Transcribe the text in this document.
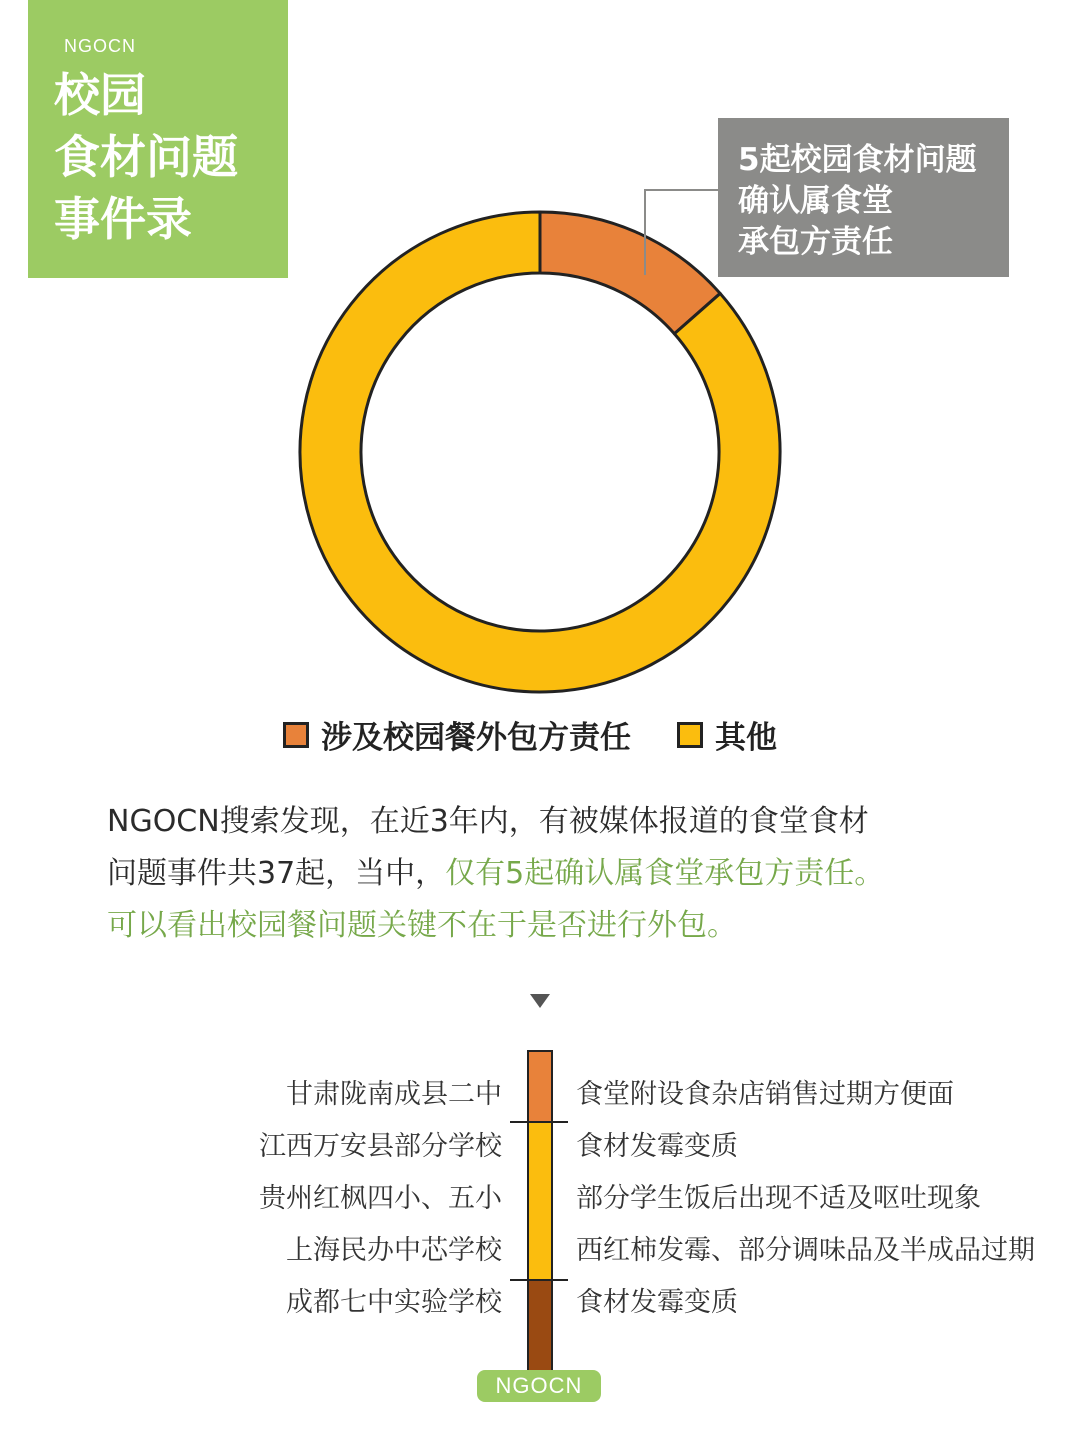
NGOCN
校园
食材问题
事件录
5起校园食材问题
确认属食堂
承包方责任
涉及校园餐外包方责任	其他
NGOCN搜索发现，在近3年内，有被媒体报道的食堂食材
问题事件共37起，当中，仅有5起确认属食堂承包方责任。
可以看出校园餐问题关键不在于是否进行外包。
甘肃陇南成县二中	食堂附设食杂店销售过期方便面
江西万安县部分学校	食材发霉变质
贵州红枫四小、五小	部分学生饭后出现不适及呕吐现象
上海民办中芯学校	西红柿发霉、部分调味品及半成品过期
成都七中实验学校	食材发霉变质
NGOCN
